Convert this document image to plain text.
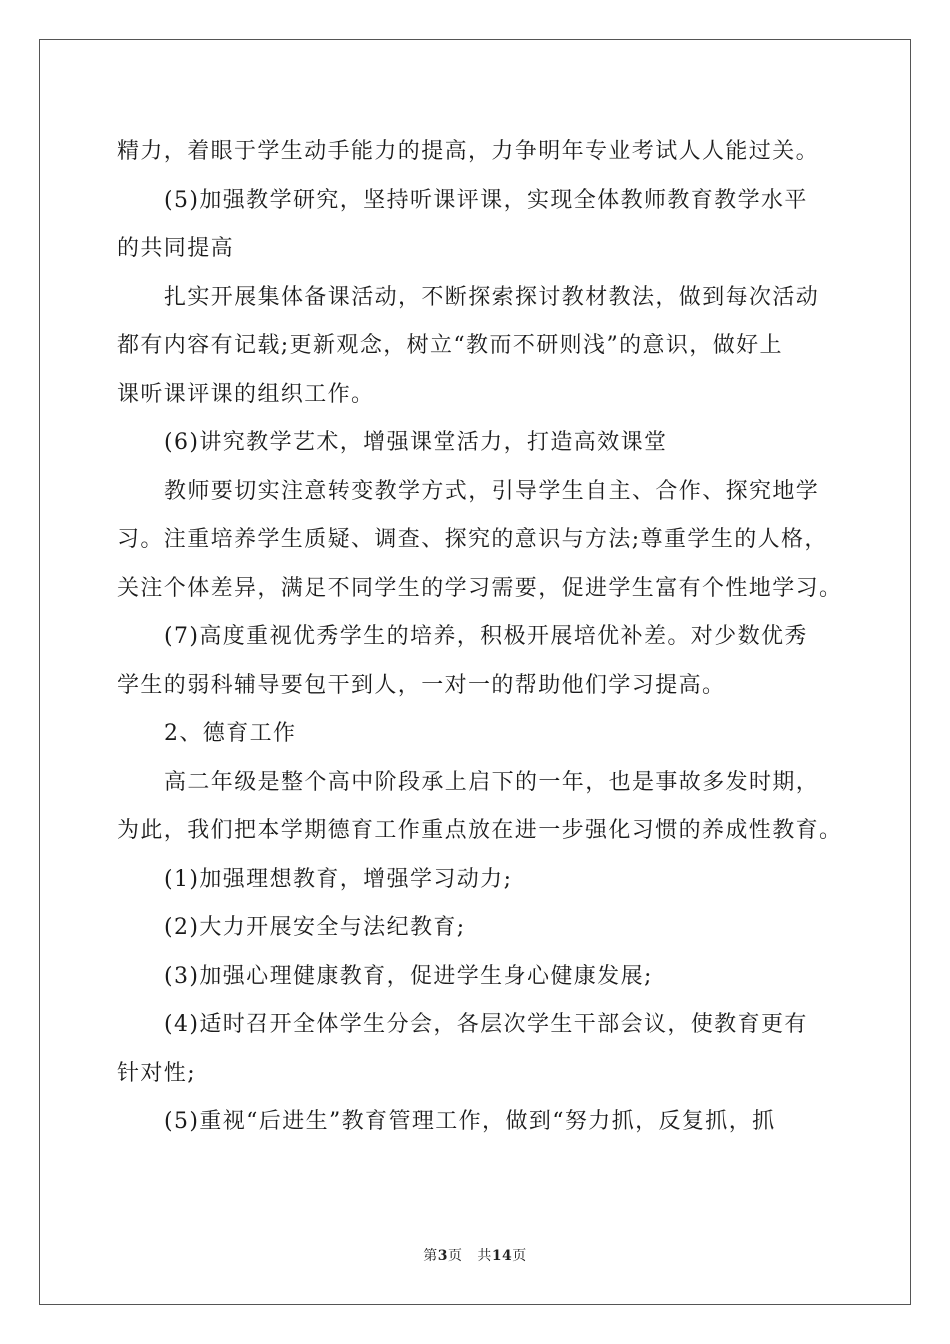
精力，着眼于学生动手能力的提高，力争明年专业考试人人能过关。
(5)加强教学研究，坚持听课评课，实现全体教师教育教学水平
的共同提高
扎实开展集体备课活动，不断探索探讨教材教法，做到每次活动
都有内容有记载;更新观念，树立“教而不研则浅”的意识，做好上
课听课评课的组织工作。
(6)讲究教学艺术，增强课堂活力，打造高效课堂
教师要切实注意转变教学方式，引导学生自主、合作、探究地学
习。注重培养学生质疑、调查、探究的意识与方法;尊重学生的人格，
关注个体差异，满足不同学生的学习需要，促进学生富有个性地学习。
(7)高度重视优秀学生的培养，积极开展培优补差。对少数优秀
学生的弱科辅导要包干到人，一对一的帮助他们学习提高。
2、德育工作
高二年级是整个高中阶段承上启下的一年，也是事故多发时期，
为此，我们把本学期德育工作重点放在进一步强化习惯的养成性教育。
(1)加强理想教育，增强学习动力;
(2)大力开展安全与法纪教育;
(3)加强心理健康教育，促进学生身心健康发展;
(4)适时召开全体学生分会，各层次学生干部会议，使教育更有
针对性;
(5)重视“后进生”教育管理工作，做到“努力抓，反复抓，抓
第3页 共14页
